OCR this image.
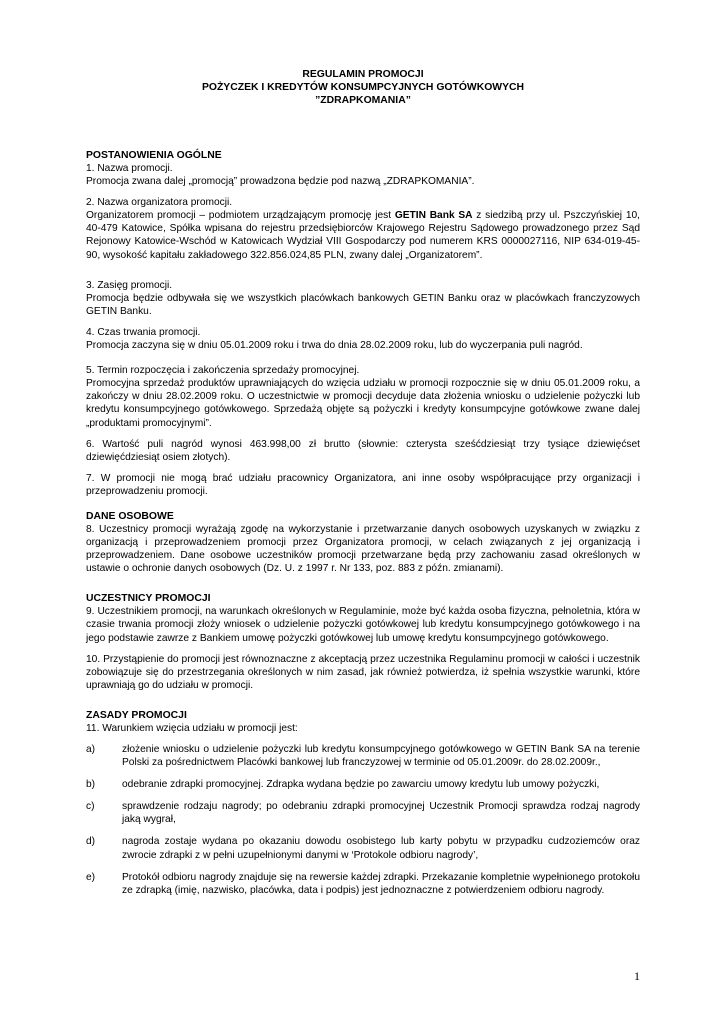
REGULAMIN PROMOCJI
POŻYCZEK I KREDYTÓW KONSUMPCYJNYCH GOTÓWKOWYCH
”ZDRAPKOMANIA”
POSTANOWIENIA OGÓLNE

1. Nazwa promocji.

Promocja zwana dalej „promocją” prowadzona będzie pod nazwą „ZDRAPKOMANIA”.

2. Nazwa organizatora promocji.

Organizatorem promocji – podmiotem urządzającym promocję jest GETIN Bank SA z siedzibą przy ul. Pszczyńskiej 10, 40-479 Katowice, Spółka wpisana do rejestru przedsiębiorców Krajowego Rejestru Sądowego prowadzonego przez Sąd Rejonowy Katowice-Wschód w Katowicach Wydział VIII Gospodarczy pod numerem KRS 0000027116, NIP 634-019-45-90, wysokość kapitału zakładowego 322.856.024,85 PLN, zwany dalej „Organizatorem”.

3. Zasięg promocji.

Promocja będzie odbywała się we wszystkich placówkach bankowych GETIN Banku oraz w placówkach franczyzowych GETIN Banku.

4. Czas trwania promocji.

Promocja zaczyna się w dniu 05.01.2009 roku i trwa do dnia 28.02.2009 roku, lub do wyczerpania puli nagród.

5. Termin rozpoczęcia i zakończenia sprzedaży promocyjnej.

Promocyjna sprzedaż produktów uprawniających do wzięcia udziału w promocji rozpocznie się w dniu 05.01.2009 roku, a zakończy w dniu 28.02.2009 roku. O uczestnictwie w promocji decyduje data złożenia wniosku o udzielenie pożyczki lub kredytu konsumpcyjnego gotówkowego. Sprzedażą objęte są pożyczki i kredyty konsumpcyjne gotówkowe zwane dalej „produktami promocyjnymi”.

6. Wartość puli nagród wynosi 463.998,00 zł brutto (słownie: czterysta sześćdziesiąt trzy tysiące dziewięćset dziewięćdziesiąt osiem złotych).

7. W promocji nie mogą brać udziału pracownicy Organizatora, ani inne osoby współpracujące przy organizacji i przeprowadzeniu promocji.

DANE OSOBOWE

8. Uczestnicy promocji wyrażają zgodę na wykorzystanie i przetwarzanie danych osobowych uzyskanych w związku z organizacją i przeprowadzeniem promocji przez Organizatora promocji, w celach związanych z jej organizacją i przeprowadzeniem. Dane osobowe uczestników promocji przetwarzane będą przy zachowaniu zasad określonych w ustawie o ochronie danych osobowych (Dz. U. z 1997 r. Nr 133, poz. 883 z późn. zmianami).

UCZESTNICY PROMOCJI

9. Uczestnikiem promocji, na warunkach określonych w Regulaminie, może być każda osoba fizyczna, pełnoletnia, która w czasie trwania promocji złoży wniosek o udzielenie pożyczki gotówkowej lub kredytu konsumpcyjnego gotówkowego i na jego podstawie zawrze z Bankiem umowę pożyczki gotówkowej lub umowę kredytu konsumpcyjnego gotówkowego.

10. Przystąpienie do promocji jest równoznaczne z akceptacją przez uczestnika Regulaminu promocji w całości i uczestnik zobowiązuje się do przestrzegania określonych w nim zasad, jak również potwierdza, iż spełnia wszystkie warunki, które uprawniają go do udziału w promocji.

ZASADY PROMOCJI

11. Warunkiem wzięcia udziału w promocji jest:

a)	złożenie wniosku o udzielenie pożyczki lub kredytu konsumpcyjnego gotówkowego w GETIN Bank SA na terenie Polski za pośrednictwem Placówki bankowej lub franczyzowej w terminie od 05.01.2009r. do 28.02.2009r.,
b)	odebranie zdrapki promocyjnej. Zdrapka wydana będzie po zawarciu umowy kredytu lub umowy pożyczki,
c)	sprawdzenie rodzaju nagrody; po odebraniu zdrapki promocyjnej Uczestnik Promocji sprawdza rodzaj nagrody jaką wygrał,
d)	nagroda zostaje wydana po okazaniu dowodu osobistego lub karty pobytu w przypadku cudzoziemców oraz zwrocie zdrapki z w pełni uzupełnionymi danymi w ‘Protokole odbioru nagrody’,
e)	Protokół odbioru nagrody znajduje się na rewersie każdej zdrapki. Przekazanie kompletnie wypełnionego protokołu ze zdrapką (imię, nazwisko, placówka, data i podpis) jest jednoznaczne z potwierdzeniem odbioru nagrody.
1
